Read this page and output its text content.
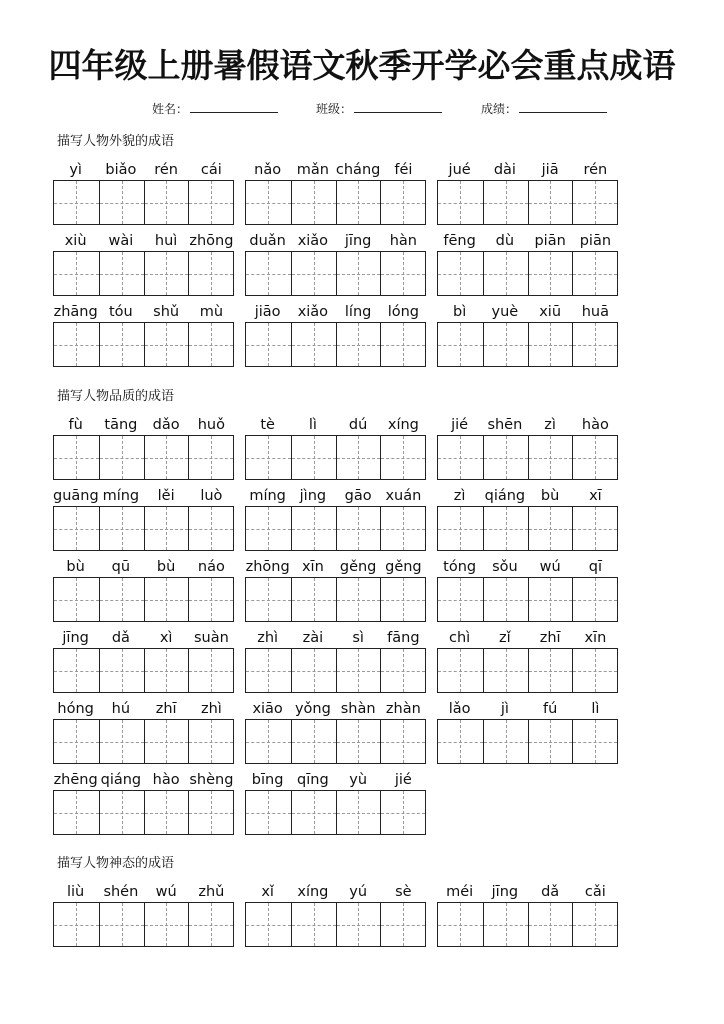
四年级上册暑假语文秋季开学必会重点成语
姓名：	班级：	成绩：
描写人物外貌的成语
yì	biǎo	rén	cái	nǎo	mǎn cháng féi	jué	dài	jiā	rén
xiù	wài	huì zhōng	duǎn xiǎo	jīng	hàn	fēng	dù	piān piān
zhāng tóu	shǔ	mù	jiāo	xiǎo	líng	lóng	bì	yuè	xiū	huā
描写人物品质的成语
fù	tāng	dǎo	huǒ	tè	lì	dú	xíng	jié	shēn	zì	hào
guāng míng	lěi	luò	míng jìng	gāo xuán	zì	qiáng	bù	xī
bù	qū	bù	náo	zhōng xīn	gěng gěng	tóng	sǒu	wú	qī
jīng	dǎ	xì	suàn	zhì	zài	sì	fāng	chì	zǐ	zhī	xīn
hóng	hú	zhī	zhì	xiāo yǒng shàn zhàn	lǎo	jì	fú	lì
zhēng qiáng hào shèng	bīng qīng	yù	jié
描写人物神态的成语
liù	shén	wú	zhǔ	xǐ	xíng	yú	sè	méi	jīng	dǎ	cǎi
